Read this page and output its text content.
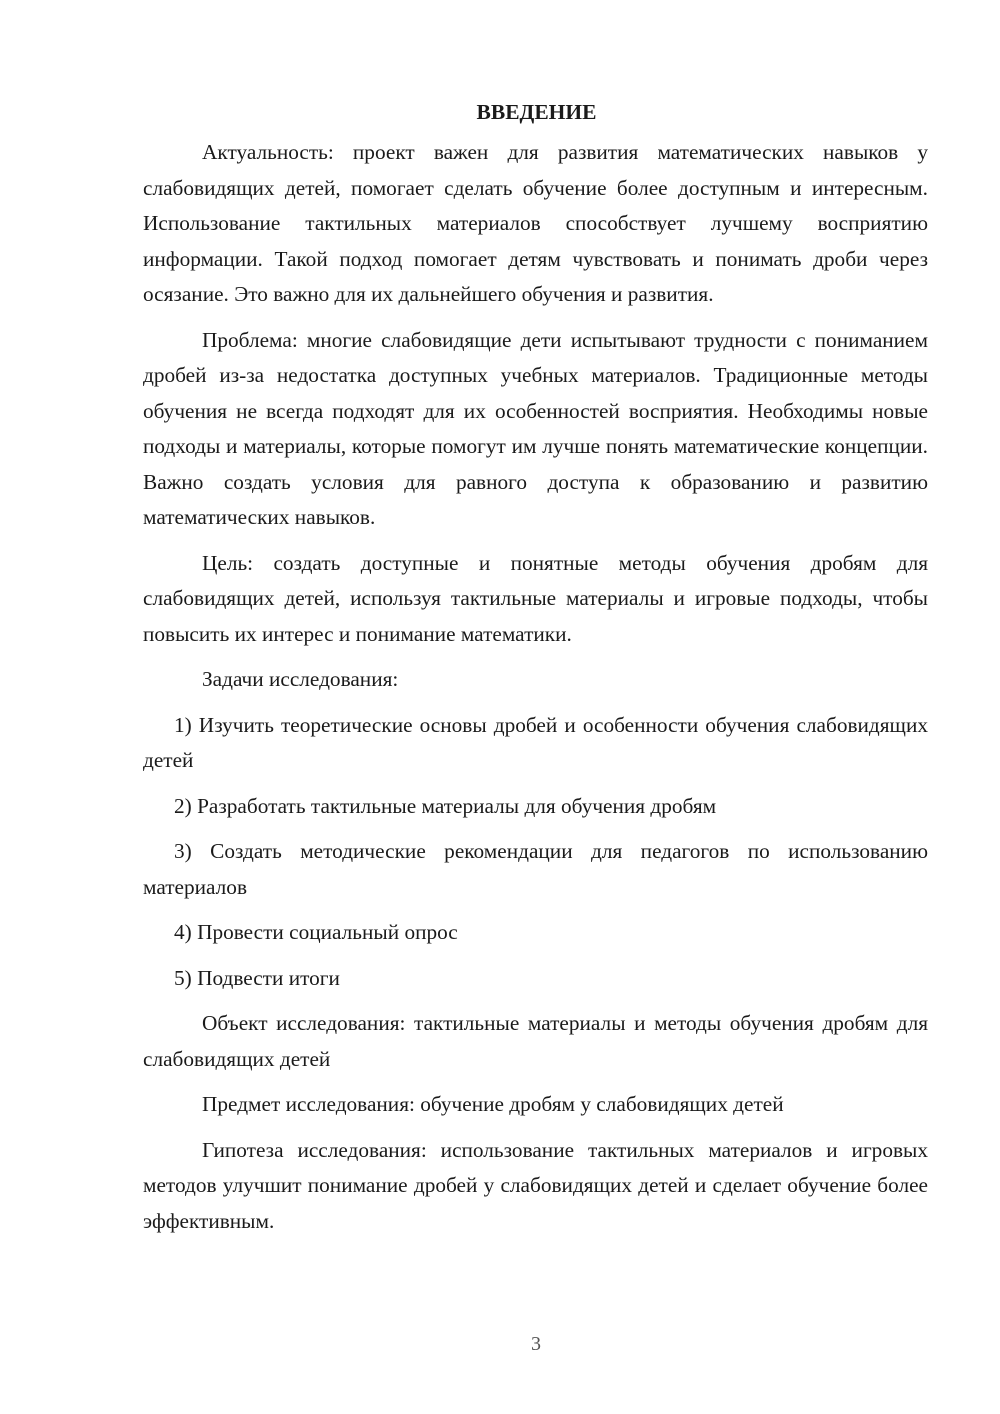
ВВЕДЕНИЕ

Актуальность: проект важен для развития математических навыков у слабовидящих детей, помогает сделать обучение более доступным и интересным. Использование тактильных материалов способствует лучшему восприятию информации. Такой подход помогает детям чувствовать и понимать дроби через осязание. Это важно для их дальнейшего обучения и развития.

Проблема: многие слабовидящие дети испытывают трудности с пониманием дробей из-за недостатка доступных учебных материалов. Традиционные методы обучения не всегда подходят для их особенностей восприятия. Необходимы новые подходы и материалы, которые помогут им лучше понять математические концепции. Важно создать условия для равного доступа к образованию и развитию математических навыков.

Цель: создать доступные и понятные методы обучения дробям для слабовидящих детей, используя тактильные материалы и игровые подходы, чтобы повысить их интерес и понимание математики.

Задачи исследования:

1) Изучить теоретические основы дробей и особенности обучения слабовидящих детей

2) Разработать тактильные материалы для обучения дробям

3) Создать методические рекомендации для педагогов по использованию материалов

4) Провести социальный опрос

5) Подвести итоги

Объект исследования: тактильные материалы и методы обучения дробям для слабовидящих детей

Предмет исследования: обучение дробям у слабовидящих детей

Гипотеза исследования: использование тактильных материалов и игровых методов улучшит понимание дробей у слабовидящих детей и сделает обучение более эффективным.

3
